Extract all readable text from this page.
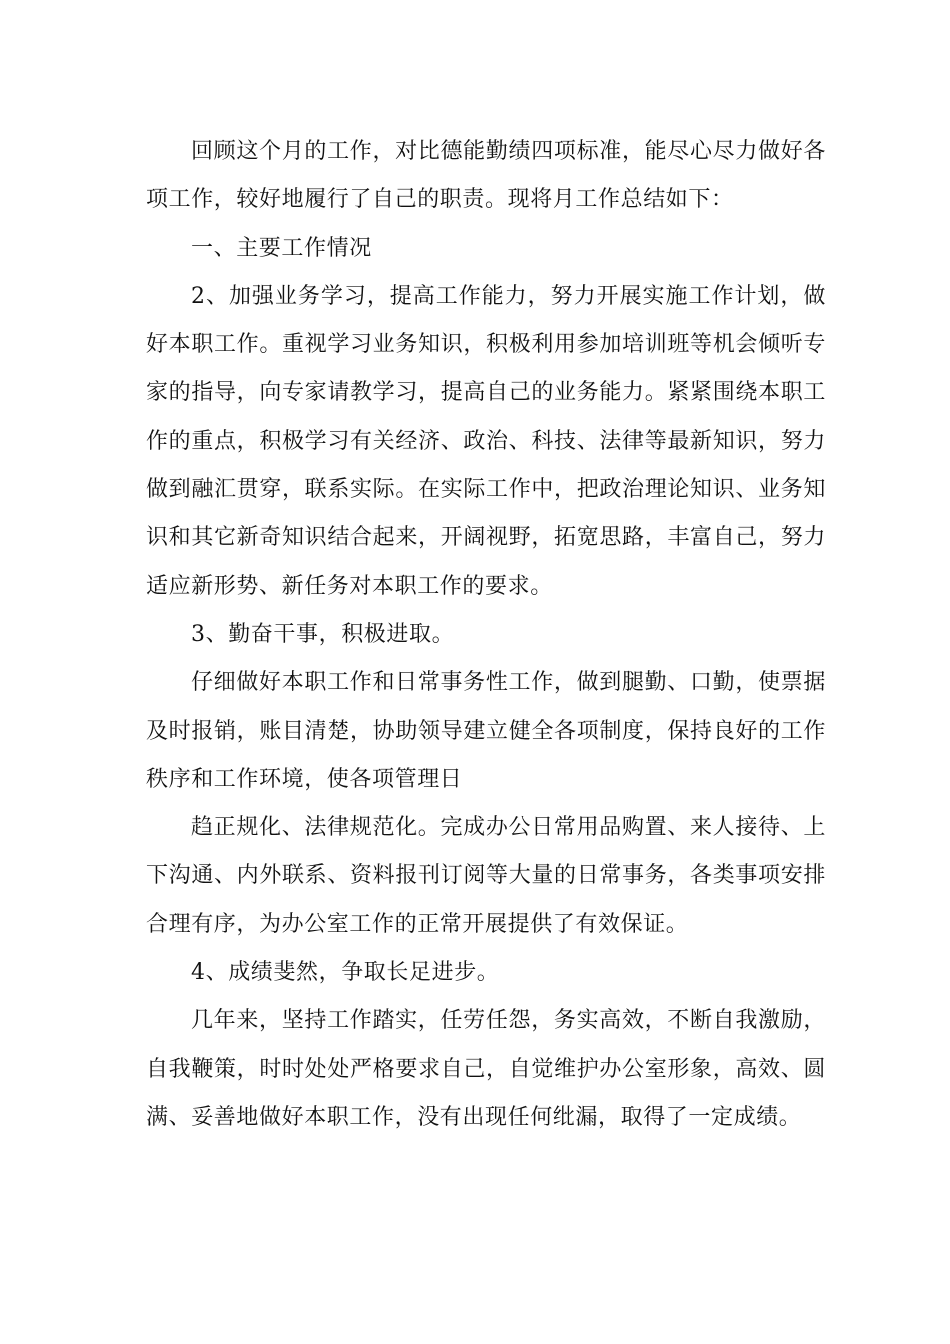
回顾这个月的工作，对比德能勤绩四项标准，能尽心尽力做好各项工作，较好地履行了自己的职责。现将月工作总结如下：

一、主要工作情况

2、加强业务学习，提高工作能力，努力开展实施工作计划，做好本职工作。重视学习业务知识，积极利用参加培训班等机会倾听专家的指导，向专家请教学习，提高自己的业务能力。紧紧围绕本职工作的重点，积极学习有关经济、政治、科技、法律等最新知识，努力做到融汇贯穿，联系实际。在实际工作中，把政治理论知识、业务知识和其它新奇知识结合起来，开阔视野，拓宽思路，丰富自己，努力适应新形势、新任务对本职工作的要求。

3、勤奋干事，积极进取。

仔细做好本职工作和日常事务性工作，做到腿勤、口勤，使票据及时报销，账目清楚，协助领导建立健全各项制度，保持良好的工作秩序和工作环境，使各项管理日

趋正规化、法律规范化。完成办公日常用品购置、来人接待、上下沟通、内外联系、资料报刊订阅等大量的日常事务，各类事项安排合理有序，为办公室工作的正常开展提供了有效保证。

4、成绩斐然，争取长足进步。

几年来，坚持工作踏实，任劳任怨，务实高效，不断自我激励，自我鞭策，时时处处严格要求自己，自觉维护办公室形象，高效、圆满、妥善地做好本职工作，没有出现任何纰漏，取得了一定成绩。
